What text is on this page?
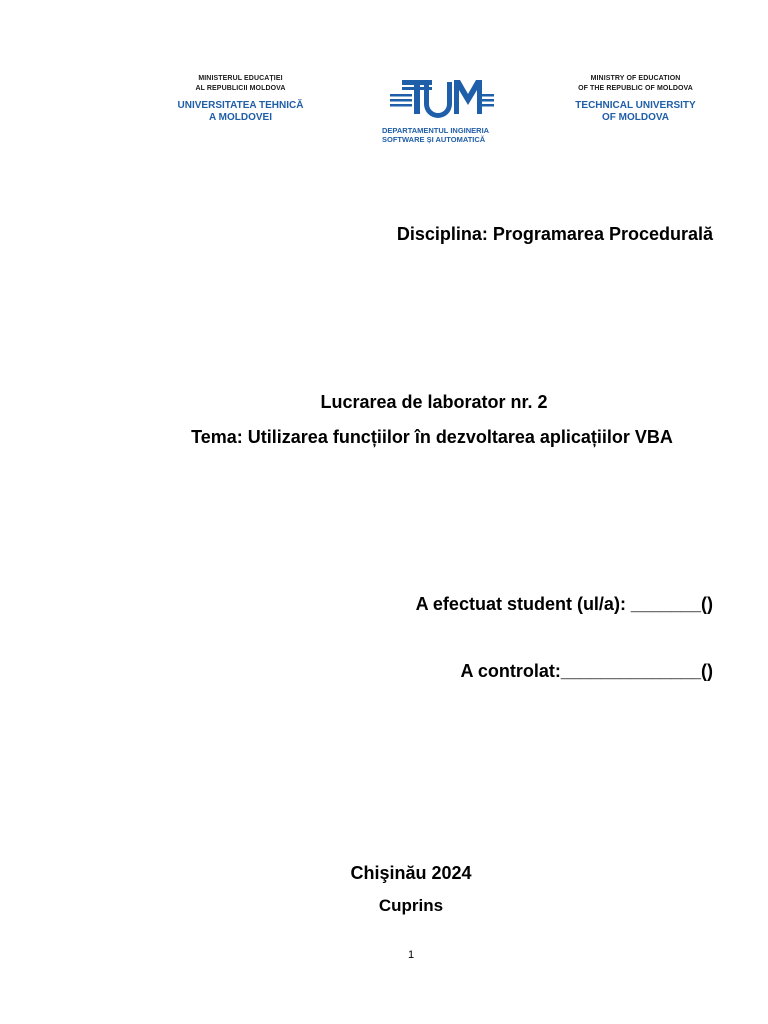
MINISTERUL EDUCAȚIEI
AL REPUBLICII MOLDOVA
UNIVERSITATEA TEHNICĂ
A MOLDOVEI
DEPARTAMENTUL INGINERIA
SOFTWARE ȘI AUTOMATICĂ
MINISTRY OF EDUCATION
OF THE REPUBLIC OF MOLDOVA
TECHNICAL UNIVERSITY
OF MOLDOVA
Disciplina: Programarea Procedurală
Lucrarea de laborator nr. 2
Tema: Utilizarea funcțiilor în dezvoltarea aplicațiilor VBA
A efectuat student (ul/a): _______()
A controlat:______________()
Chişinău 2024
Cuprins
1
